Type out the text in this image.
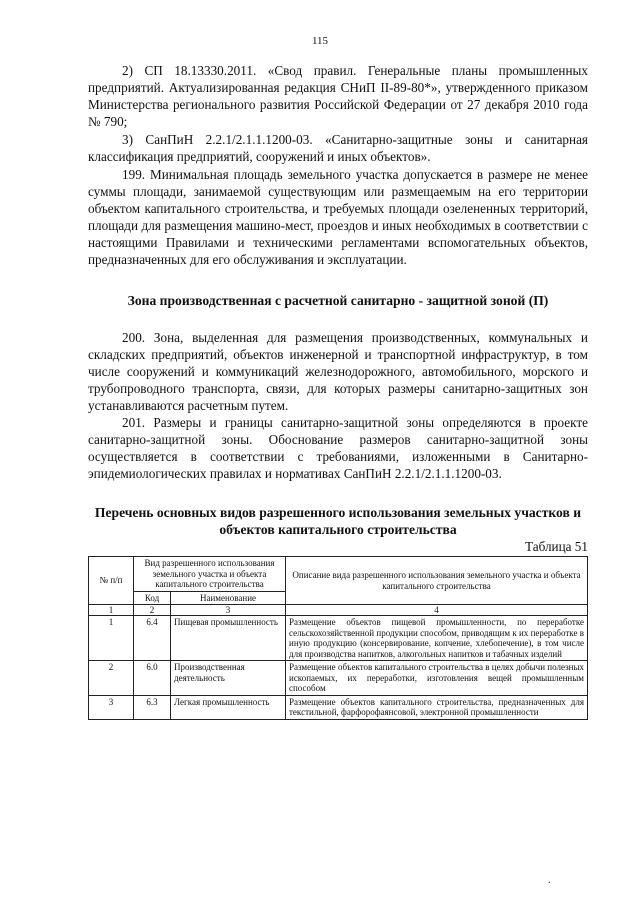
115

2) СП 18.13330.2011. «Свод правил. Генеральные планы промышленных предприятий. Актуализированная редакция СНиП II-89-80*», утвержденного приказом Министерства регионального развития Российской Федерации от 27 декабря 2010 года № 790;

3) СанПиН 2.2.1/2.1.1.1200-03. «Санитарно-защитные зоны и санитарная классификация предприятий, сооружений и иных объектов».

199. Минимальная площадь земельного участка допускается в размере не менее суммы площади, занимаемой существующим или размещаемым на его территории объектом капитального строительства, и требуемых площади озелененных территорий, площади для размещения машино-мест, проездов и иных необходимых в соответствии с настоящими Правилами и техническими регламентами вспомогательных объектов, предназначенных для его обслуживания и эксплуатации.

Зона производственная с расчетной санитарно - защитной зоной (П)

200. Зона, выделенная для размещения производственных, коммунальных и складских предприятий, объектов инженерной и транспортной инфраструктур, в том числе сооружений и коммуникаций железнодорожного, автомобильного, морского и трубопроводного транспорта, связи, для которых размеры санитарно-защитных зон устанавливаются расчетным путем.

201. Размеры и границы санитарно-защитной зоны определяются в проекте санитарно-защитной зоны. Обоснование размеров санитарно-защитной зоны осуществляется в соответствии с требованиями, изложенными в Санитарно-эпидемиологических правилах и нормативах СанПиН 2.2.1/2.1.1.1200-03.

Перечень основных видов разрешенного использования земельных участков и объектов капитального строительства

Таблица 51
№ п/п	Вид разрешенного использования земельного участка и объекта капитального строительства		Описание вида разрешенного использования земельного участка и объекта капитального строительства
	Код	Наименование	
1	2	3	4
1	6.4	Пищевая промышленность	Размещение объектов пищевой промышленности, по переработке сельскохозяйственной продукции способом, приводящим к их переработке в иную продукцию (консервирование, копчение, хлебопечение), в том числе для производства напитков, алкогольных напитков и табачных изделий
2	6.0	Производственная деятельность	Размещение объектов капитального строительства в целях добычи полезных ископаемых, их переработки, изготовления вещей промышленным способом
3	6.3	Легкая промышленность	Размещение объектов капитального строительства, предназначенных для текстильной, фарфорофаянсовой, электронной промышленности
.
